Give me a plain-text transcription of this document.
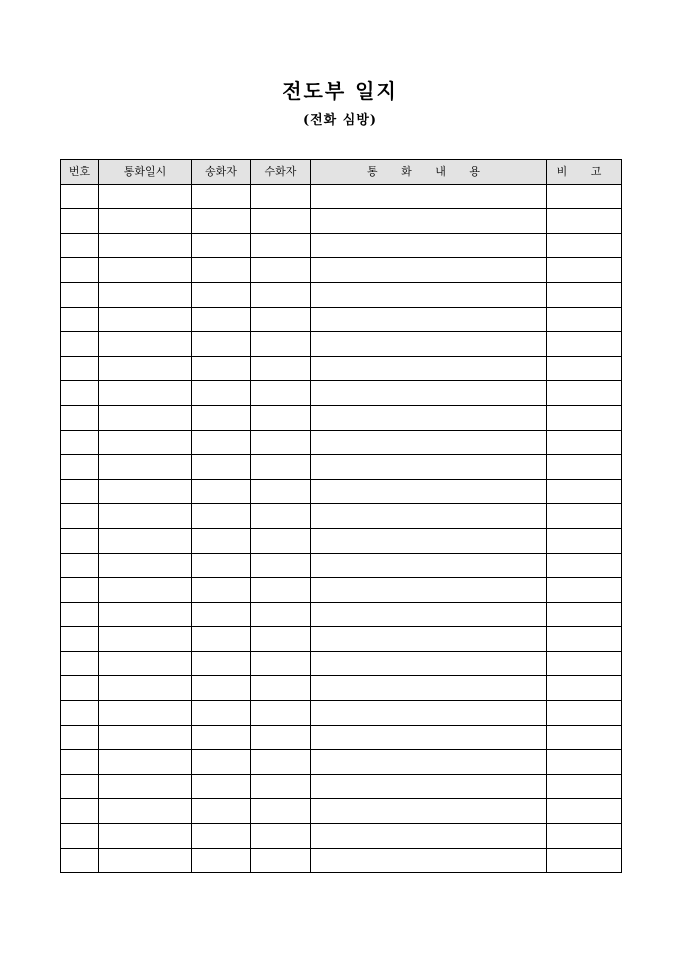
전도부 일지
(전화 심방)
번호	통화일시	송화자	수화자	통 화 내 용	비 고
